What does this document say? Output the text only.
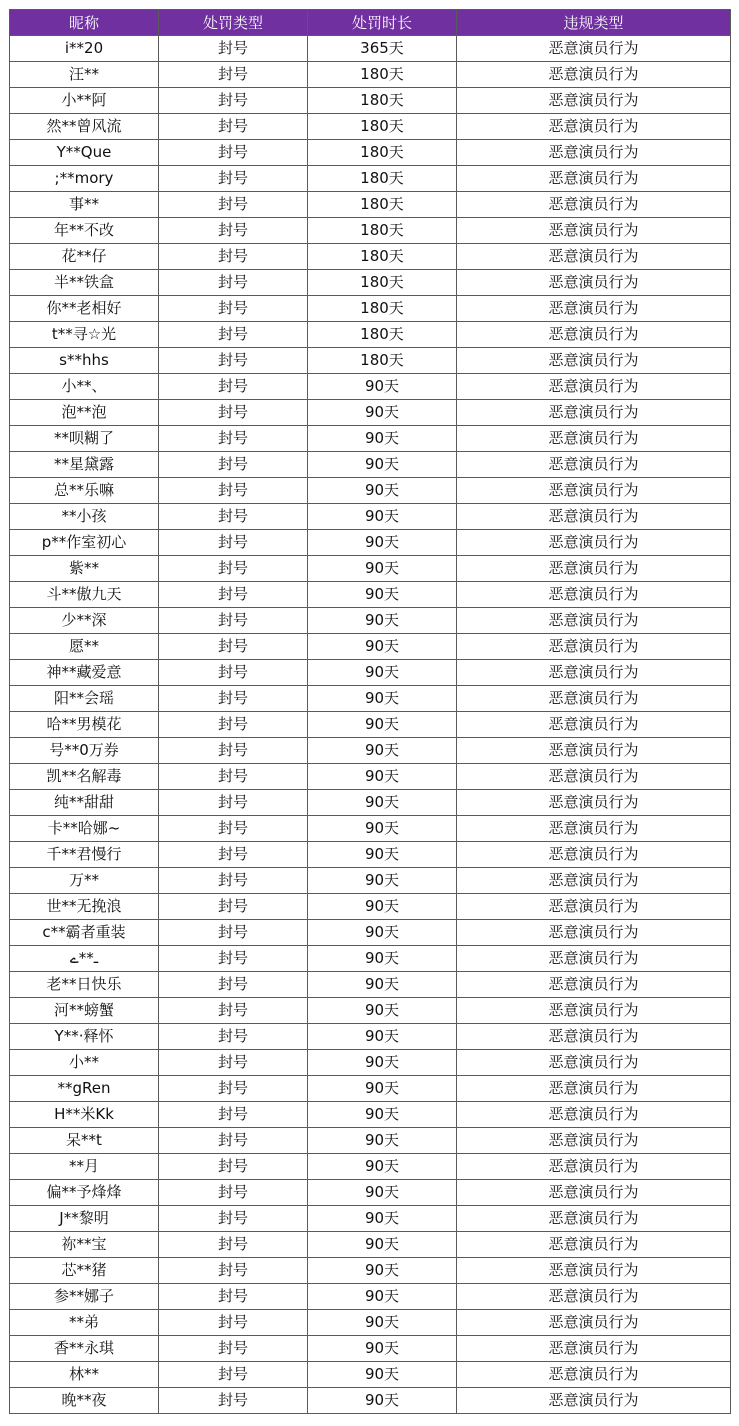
昵称	处罚类型	处罚时长	违规类型
i**20	封号	365天	恶意演员行为
汪**	封号	180天	恶意演员行为
小**阿	封号	180天	恶意演员行为
然**曾风流	封号	180天	恶意演员行为
Y**Que	封号	180天	恶意演员行为
;**mory	封号	180天	恶意演员行为
事**	封号	180天	恶意演员行为
年**不改	封号	180天	恶意演员行为
花**仔	封号	180天	恶意演员行为
半**铁盒	封号	180天	恶意演员行为
你**老相好	封号	180天	恶意演员行为
t**寻☆光	封号	180天	恶意演员行为
s**hhs	封号	180天	恶意演员行为
小**、	封号	90天	恶意演员行为
泡**泡	封号	90天	恶意演员行为
**呗糊了	封号	90天	恶意演员行为
**星黛露	封号	90天	恶意演员行为
总**乐嘛	封号	90天	恶意演员行为
**小孩	封号	90天	恶意演员行为
p**作室初心	封号	90天	恶意演员行为
紫**	封号	90天	恶意演员行为
斗**傲九天	封号	90天	恶意演员行为
少**深	封号	90天	恶意演员行为
愿**	封号	90天	恶意演员行为
神**藏爱意	封号	90天	恶意演员行为
阳**会瑶	封号	90天	恶意演员行为
哈**男模花	封号	90天	恶意演员行为
号**0万券	封号	90天	恶意演员行为
凯**名解毒	封号	90天	恶意演员行为
纯**甜甜	封号	90天	恶意演员行为
卡**哈娜~	封号	90天	恶意演员行为
千**君慢行	封号	90天	恶意演员行为
万**	封号	90天	恶意演员行为
世**无挽浪	封号	90天	恶意演员行为
c**霸者重装	封号	90天	恶意演员行为
ـ**ے	封号	90天	恶意演员行为
老**日快乐	封号	90天	恶意演员行为
河**螃蟹	封号	90天	恶意演员行为
Y**·释怀	封号	90天	恶意演员行为
小**	封号	90天	恶意演员行为
**gRen	封号	90天	恶意演员行为
H**米Kk	封号	90天	恶意演员行为
呆**t	封号	90天	恶意演员行为
**月	封号	90天	恶意演员行为
偏**予烽烽	封号	90天	恶意演员行为
J**黎明	封号	90天	恶意演员行为
祢**宝	封号	90天	恶意演员行为
芯**猪	封号	90天	恶意演员行为
参**娜子	封号	90天	恶意演员行为
**弟	封号	90天	恶意演员行为
香**永琪	封号	90天	恶意演员行为
林**	封号	90天	恶意演员行为
晚**夜	封号	90天	恶意演员行为
